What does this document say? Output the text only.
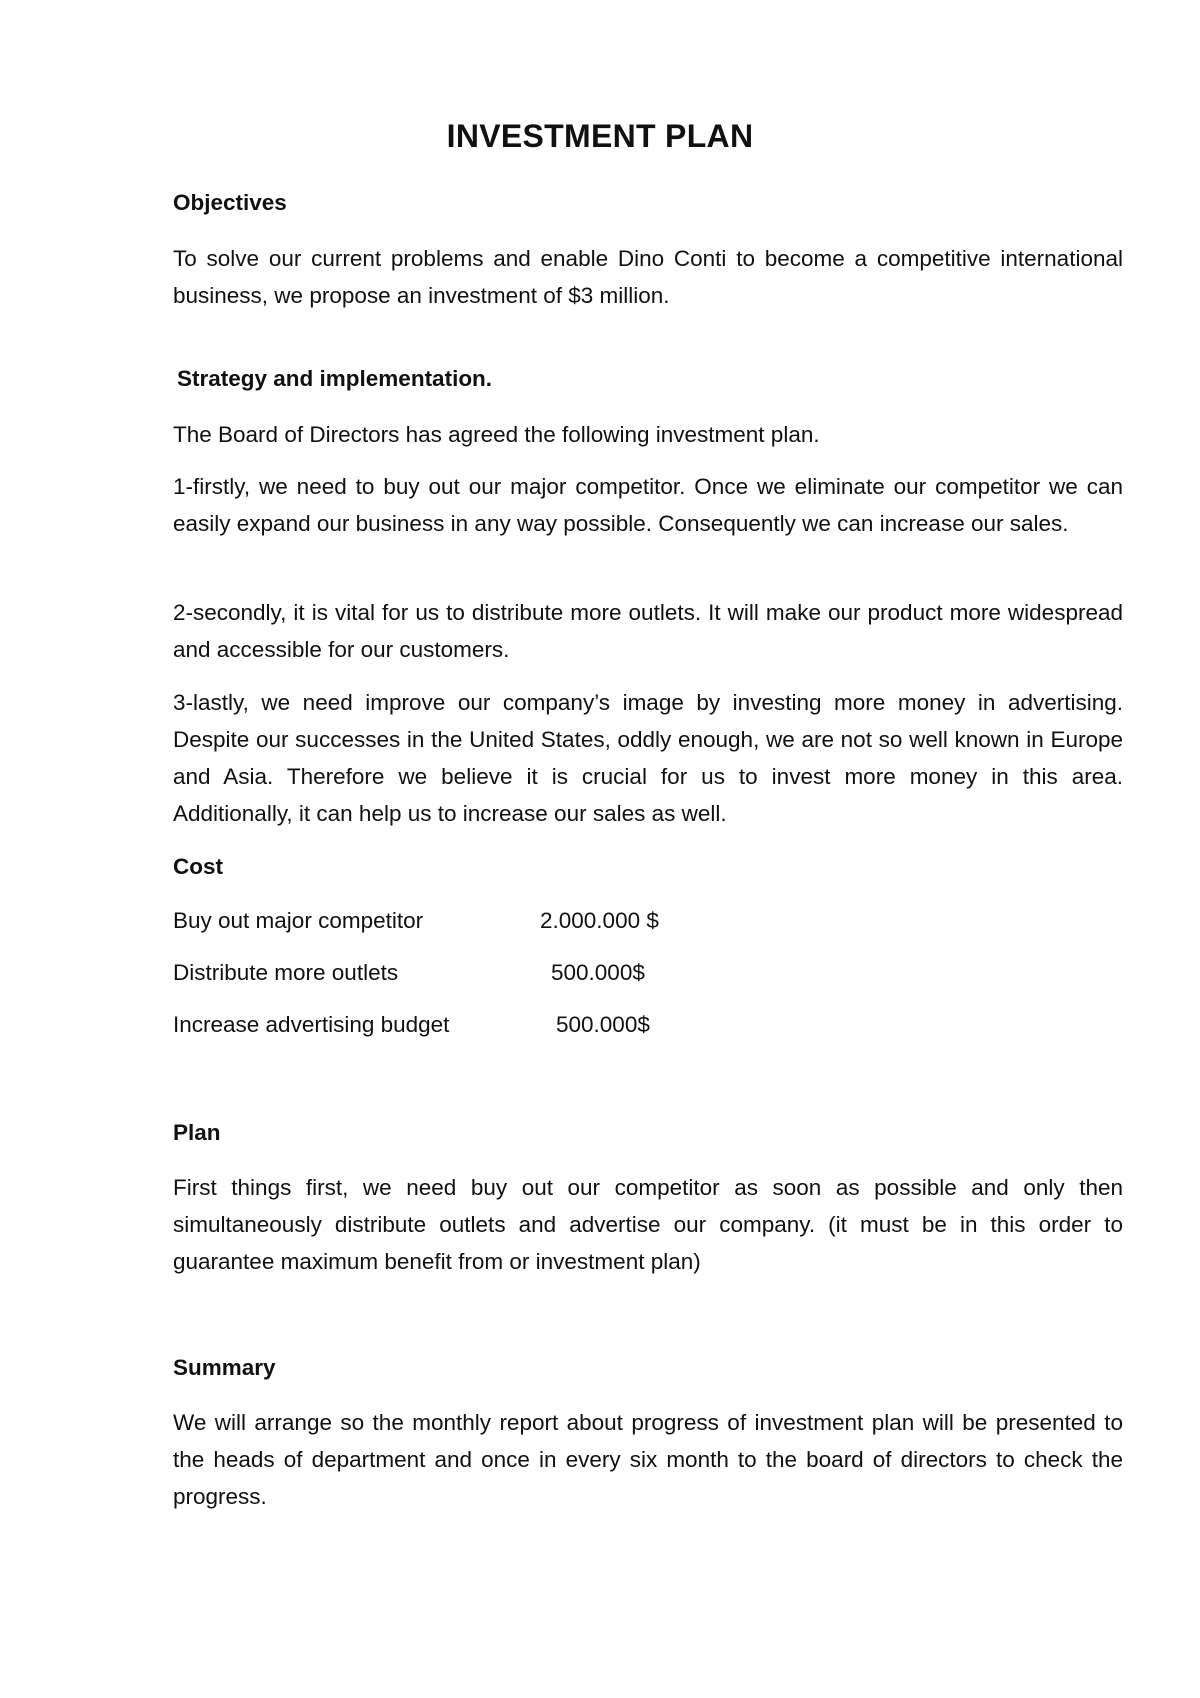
INVESTMENT PLAN
Objectives
To solve our current problems and enable Dino Conti to become a competitive international business, we propose an investment of $3 million.
Strategy and implementation.
The Board of Directors has agreed the following investment plan.
1-firstly, we need to buy out our major competitor. Once we eliminate our competitor we can easily expand our business in any way possible. Consequently we can increase our sales.
2-secondly, it is vital for us to distribute more outlets. It will make our product more widespread and accessible for our customers.
3-lastly, we need improve our company’s image by investing more money in advertising. Despite our successes in the United States, oddly enough, we are not so well known in Europe and Asia. Therefore we believe it is crucial for us to invest more money in this area. Additionally, it can help us to increase our sales as well.
Cost
Buy out major competitor	2.000.000 $
Distribute more outlets	500.000$
Increase advertising budget	500.000$
Plan
First things first, we need buy out our competitor as soon as possible and only then simultaneously distribute outlets and advertise our company. (it must be in this order to guarantee maximum benefit from or investment plan)
Summary
We will arrange so the monthly report about progress of investment plan will be presented to the heads of department and once in every six month to the board of directors to check the progress.
